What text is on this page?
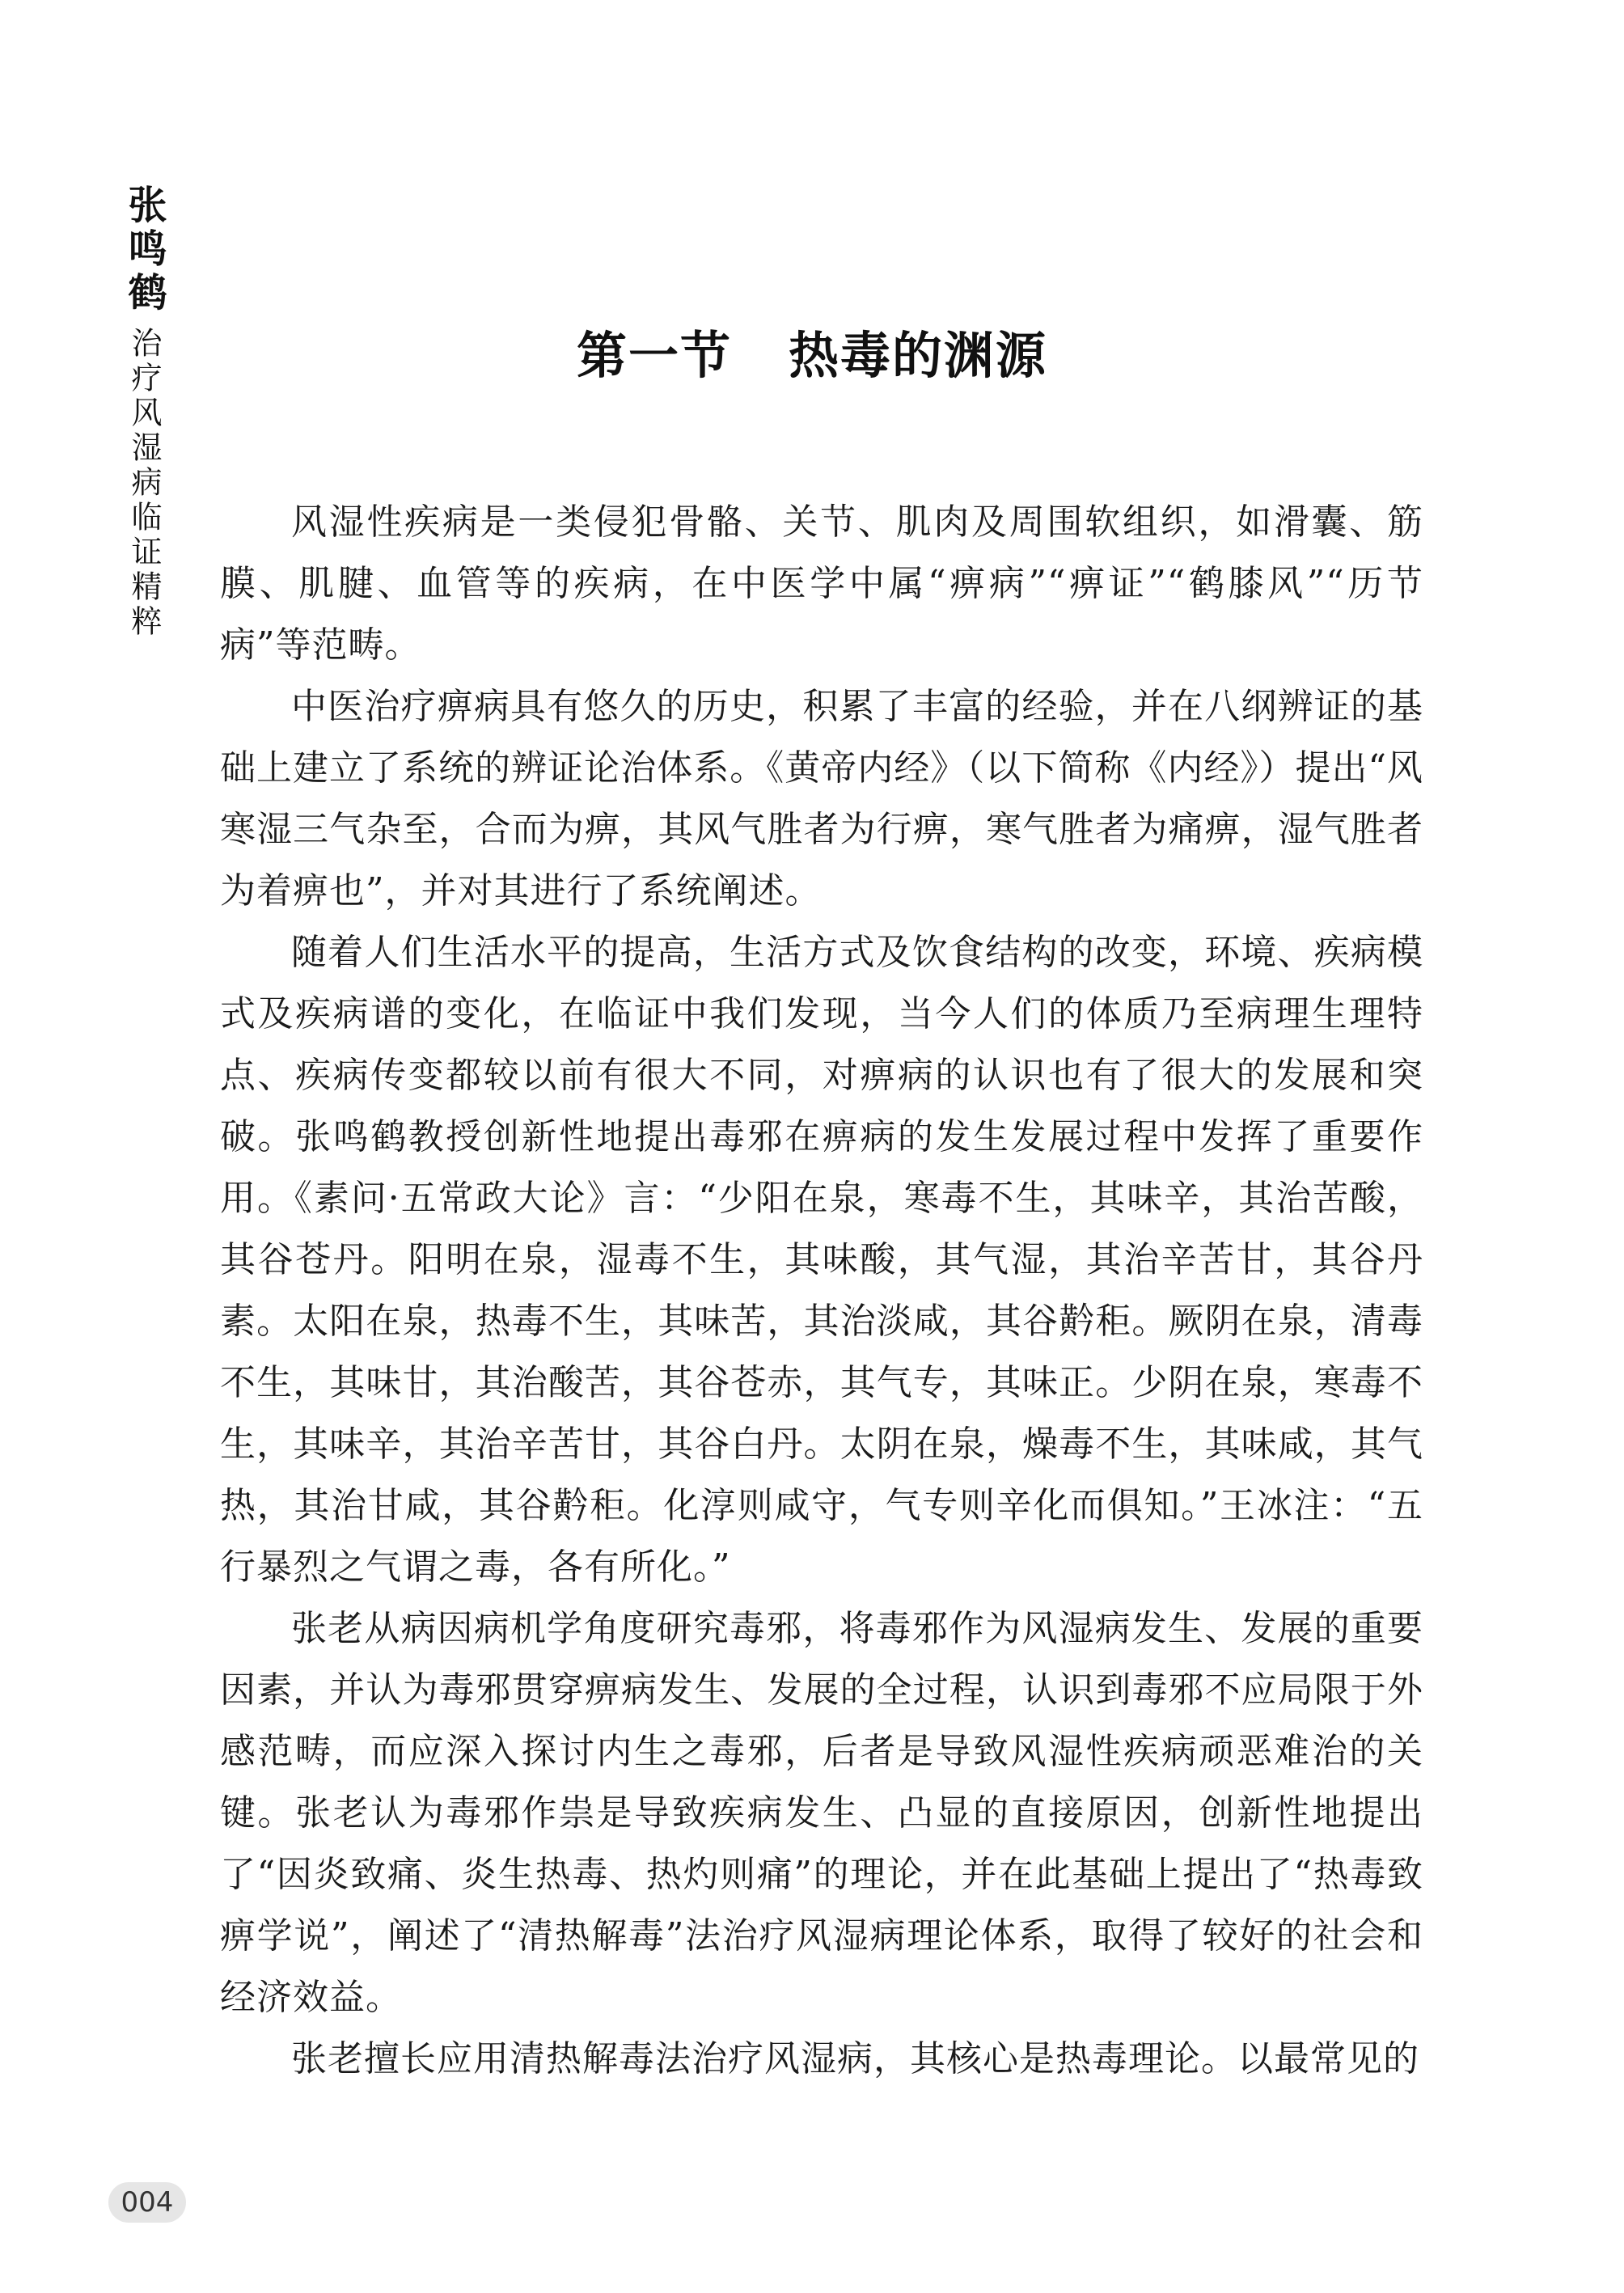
张鸣鹤
治疗风湿病临证精粹	第一节 热毒的渊源

风湿性疾病是一类侵犯骨骼、关节、肌肉及周围软组织，如滑囊、筋膜、肌腱、血管等的疾病，在中医学中属“痹病”“痹证”“鹤膝风”“历节病”等范畴。

中医治疗痹病具有悠久的历史，积累了丰富的经验，并在八纲辨证的基础上建立了系统的辨证论治体系。《黄帝内经》（以下简称《内经》）提出“风寒湿三气杂至，合而为痹，其风气胜者为行痹，寒气胜者为痛痹，湿气胜者为着痹也”，并对其进行了系统阐述。

随着人们生活水平的提高，生活方式及饮食结构的改变，环境、疾病模式及疾病谱的变化，在临证中我们发现，当今人们的体质乃至病理生理特点、疾病传变都较以前有很大不同，对痹病的认识也有了很大的发展和突破。张鸣鹤教授创新性地提出毒邪在痹病的发生发展过程中发挥了重要作用。《素问·五常政大论》言：“少阳在泉，寒毒不生，其味辛，其治苦酸，其谷苍丹。阳明在泉，湿毒不生，其味酸，其气湿，其治辛苦甘，其谷丹素。太阳在泉，热毒不生，其味苦，其治淡咸，其谷黅秬。厥阴在泉，清毒不生，其味甘，其治酸苦，其谷苍赤，其气专，其味正。少阴在泉，寒毒不生，其味辛，其治辛苦甘，其谷白丹。太阴在泉，燥毒不生，其味咸，其气热，其治甘咸，其谷黅秬。化淳则咸守，气专则辛化而俱知。”王冰注：“五行暴烈之气谓之毒，各有所化。”

张老从病因病机学角度研究毒邪，将毒邪作为风湿病发生、发展的重要因素，并认为毒邪贯穿痹病发生、发展的全过程，认识到毒邪不应局限于外感范畴，而应深入探讨内生之毒邪，后者是导致风湿性疾病顽恶难治的关键。张老认为毒邪作祟是导致疾病发生、凸显的直接原因，创新性地提出了“因炎致痛、炎生热毒、热灼则痛”的理论，并在此基础上提出了“热毒致痹学说”，阐述了“清热解毒”法治疗风湿病理论体系，取得了较好的社会和经济效益。

张老擅长应用清热解毒法治疗风湿病，其核心是热毒理论。以最常见的

004
